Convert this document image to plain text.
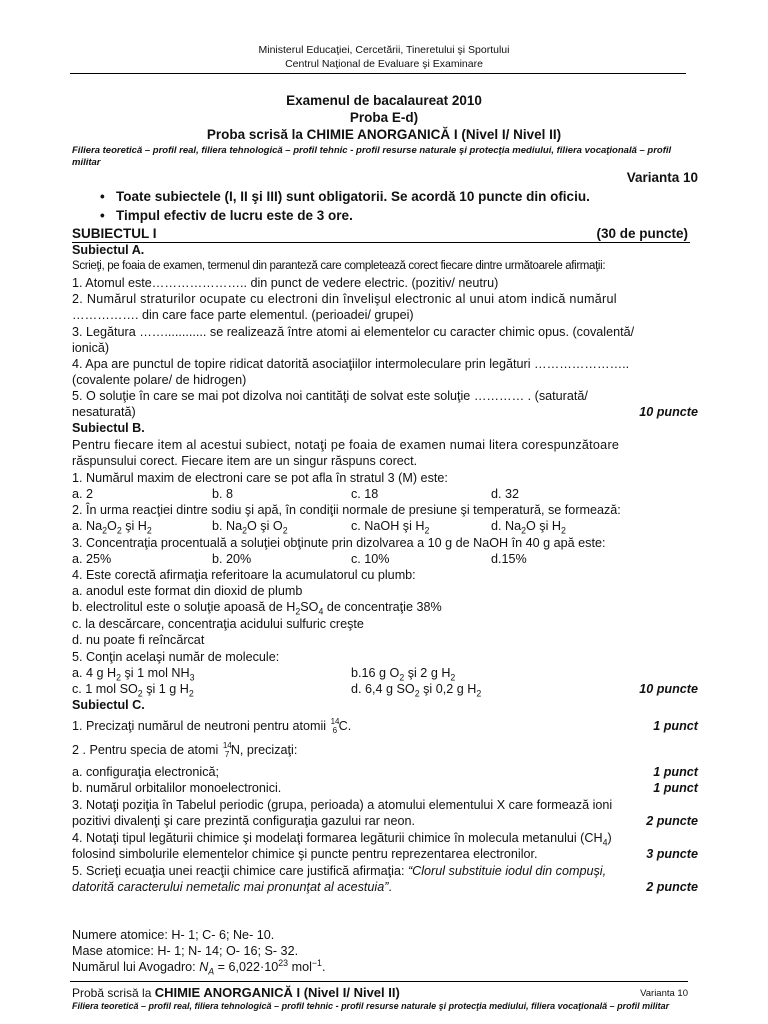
Ministerul Educaţiei, Cercetării, Tineretului şi Sportului
Centrul Naţional de Evaluare şi Examinare
Examenul de bacalaureat 2010
Proba E-d)
Proba scrisă la CHIMIE ANORGANICĂ I (Nivel I/ Nivel II)
Filiera teoretică – profil real, filiera tehnologică – profil tehnic - profil resurse naturale şi protecţia mediului, filiera vocaţională – profil militar
Varianta 10
•   Toate subiectele (I, II şi III) sunt obligatorii. Se acordă 10 puncte din oficiu.
•   Timpul efectiv de lucru este de 3 ore.
SUBIECTUL I	(30 de puncte)
Subiectul A.
Scrieţi, pe foaia de examen, termenul din paranteză care completează corect fiecare dintre următoarele afirmaţii:
1. Atomul este………………….. din punct de vedere electric. (pozitiv/ neutru)
2. Numărul straturilor ocupate cu electroni din învelişul electronic al unui atom indică numărul
……………. din care face parte elementul. (perioadei/ grupei)
3. Legătura ……............ se realizează între atomi ai elementelor cu caracter chimic opus. (covalentă/
ionică)
4. Apa are punctul de topire ridicat datorită asociaţiilor intermoleculare prin legături …………………..
(covalente polare/ de hidrogen)
5. O soluţie în care se mai pot dizolva noi cantităţi de solvat este soluţie ………… . (saturată/
nesaturată)	10 puncte
Subiectul B.
Pentru fiecare item al acestui subiect, notaţi pe foaia de examen numai litera corespunzătoare
răspunsului corect. Fiecare item are un singur răspuns corect.
1. Numărul maxim de electroni care se pot afla în stratul 3 (M) este:
a. 2	b. 8	c. 18	d. 32
2. În urma reacţiei dintre sodiu şi apă, în condiţii normale de presiune şi temperatură, se formează:
a. $Na_2O_2$ şi $H_2$	b. $Na_2O$ şi $O_2$	c. NaOH şi $H_2$	d. $Na_2O$ şi $H_2$
3. Concentraţia procentuală a soluţiei obţinute prin dizolvarea a 10 g de NaOH în 40 g apă este:
a. 25%	b. 20%	c. 10%	d.15%
4. Este corectă afirmaţia referitoare la acumulatorul cu plumb:
a. anodul este format din dioxid de plumb
b. electrolitul este o soluţie apoasă de $H_2SO_4$ de concentraţie 38%
c. la descărcare, concentraţia acidului sulfuric creşte
d. nu poate fi reîncărcat
5. Conţin acelaşi număr de molecule:
a. 4 g $H_2$ şi 1 mol $NH_3$	b.16 g $O_2$ şi 2 g $H_2$
c. 1 mol $SO_2$ şi 1 g $H_2$	d. 6,4 g $SO_2$ şi 0,2 g $H_2$	10 puncte
Subiectul C.
1. Precizaţi numărul de neutroni pentru atomii 14
6 C.	1 punct
2 . Pentru specia de atomi 14
7 N, precizaţi:
a. configuraţia electronică;	1 punct
b. numărul orbitalilor monoelectronici.	1 punct
3. Notaţi poziţia în Tabelul periodic (grupa, perioada) a atomului elementului X care formează ioni
pozitivi divalenţi şi care prezintă configuraţia gazului rar neon.	2 puncte
4. Notaţi tipul legăturii chimice şi modelaţi formarea legăturii chimice în molecula metanului $(CH_4)$
folosind simbolurile elementelor chimice şi puncte pentru reprezentarea electronilor.	3 puncte
5. Scrieţi ecuaţia unei reacţii chimice care justifică afirmaţia: “Clorul substituie iodul din compuşi,
datorită caracterului nemetalic mai pronunţat al acestuia”.	2 puncte
Numere atomice: H- 1; C- 6; Ne- 10.
Mase atomice: H- 1; N- 14; O- 16; S- 32.
Numărul lui Avogadro: $N_A = 6,022\cdot 10^{23}$ mol$^{-1}$.
Probă scrisă la CHIMIE ANORGANICĂ I (Nivel I/ Nivel II)	Varianta 10
Filiera teoretică – profil real, filiera tehnologică – profil tehnic - profil resurse naturale şi protecţia mediului, filiera vocaţională – profil militar
